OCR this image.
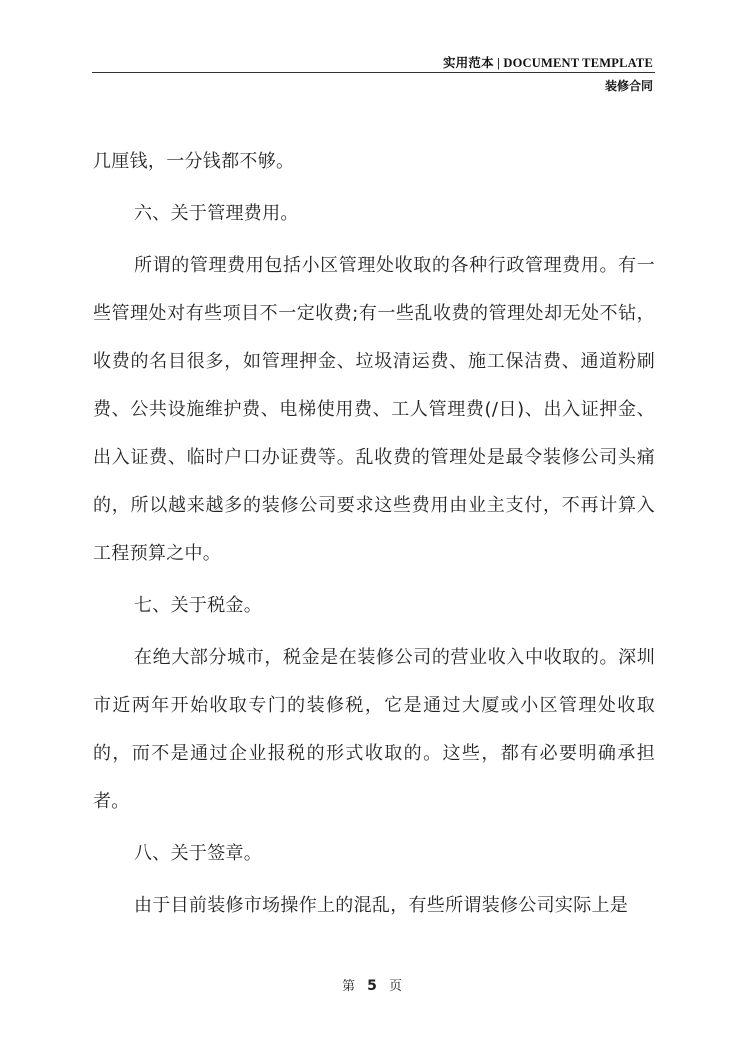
实用范本 | DOCUMENT TEMPLATE
装修合同

几厘钱，一分钱都不够。

六、关于管理费用。

所谓的管理费用包括小区管理处收取的各种行政管理费用。有一些管理处对有些项目不一定收费;有一些乱收费的管理处却无处不钻，收费的名目很多，如管理押金、垃圾清运费、施工保洁费、通道粉刷费、公共设施维护费、电梯使用费、工人管理费(/日)、出入证押金、出入证费、临时户口办证费等。乱收费的管理处是最令装修公司头痛的，所以越来越多的装修公司要求这些费用由业主支付，不再计算入工程预算之中。

七、关于税金。

在绝大部分城市，税金是在装修公司的营业收入中收取的。深圳市近两年开始收取专门的装修税，它是通过大厦或小区管理处收取的，而不是通过企业报税的形式收取的。这些，都有必要明确承担者。

八、关于签章。

由于目前装修市场操作上的混乱，有些所谓装修公司实际上是

第 5 页
